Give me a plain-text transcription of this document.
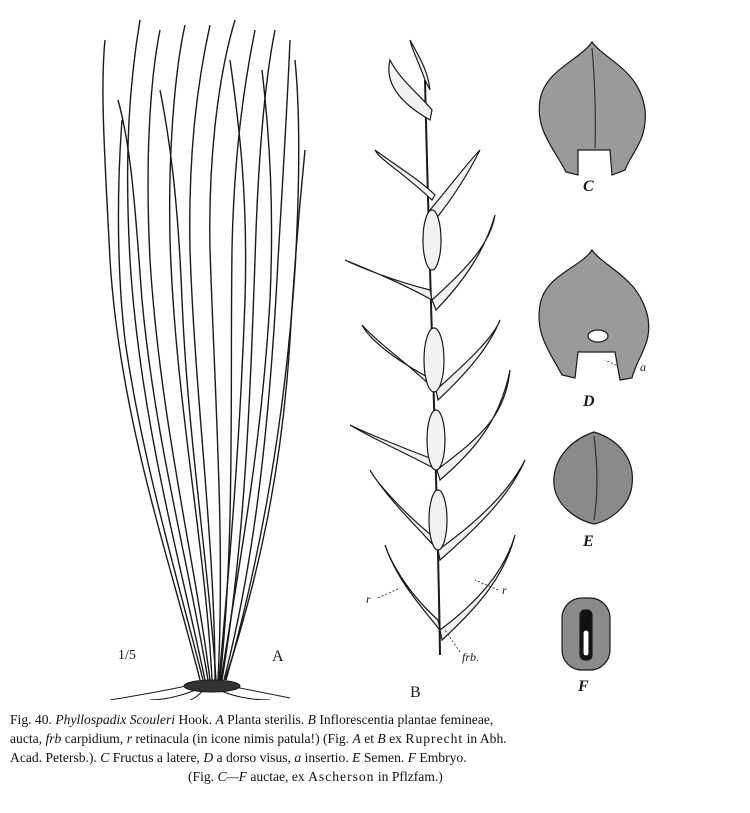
C
D
E
F
A
B
1/5
r
r
frb.
a
Fig. 40. Phyllospadix Scouleri Hook. A Planta sterilis. B Inflorescentia plantae femineae,
aucta, frb carpidium, r retinacula (in icone nimis patula!) (Fig. A et B ex Ruprecht in Abh.
Acad. Petersb.). C Fructus a latere, D a dorso visus, a insertio. E Semen. F Embryo.
(Fig. C—F auctae, ex Ascherson in Pflzfam.)
